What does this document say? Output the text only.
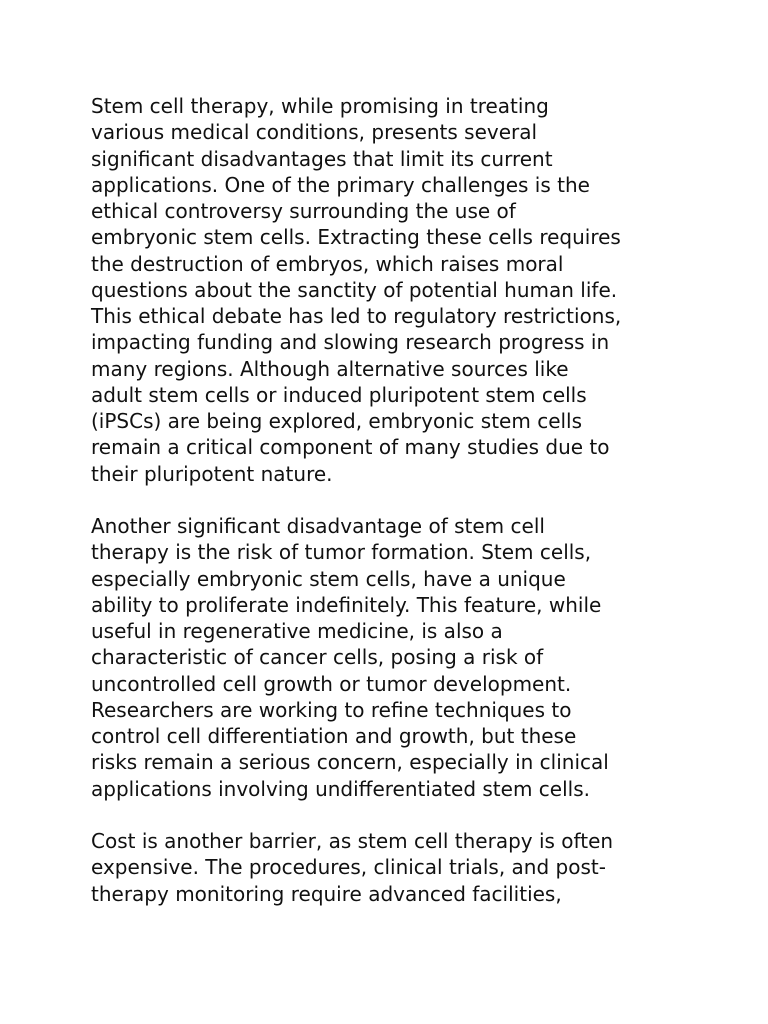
Stem cell therapy, while promising in treating
various medical conditions, presents several
significant disadvantages that limit its current
applications. One of the primary challenges is the
ethical controversy surrounding the use of
embryonic stem cells. Extracting these cells requires
the destruction of embryos, which raises moral
questions about the sanctity of potential human life.
This ethical debate has led to regulatory restrictions,
impacting funding and slowing research progress in
many regions. Although alternative sources like
adult stem cells or induced pluripotent stem cells
(iPSCs) are being explored, embryonic stem cells
remain a critical component of many studies due to
their pluripotent nature.

Another significant disadvantage of stem cell
therapy is the risk of tumor formation. Stem cells,
especially embryonic stem cells, have a unique
ability to proliferate indefinitely. This feature, while
useful in regenerative medicine, is also a
characteristic of cancer cells, posing a risk of
uncontrolled cell growth or tumor development.
Researchers are working to refine techniques to
control cell differentiation and growth, but these
risks remain a serious concern, especially in clinical
applications involving undifferentiated stem cells.

Cost is another barrier, as stem cell therapy is often
expensive. The procedures, clinical trials, and post-
therapy monitoring require advanced facilities,
